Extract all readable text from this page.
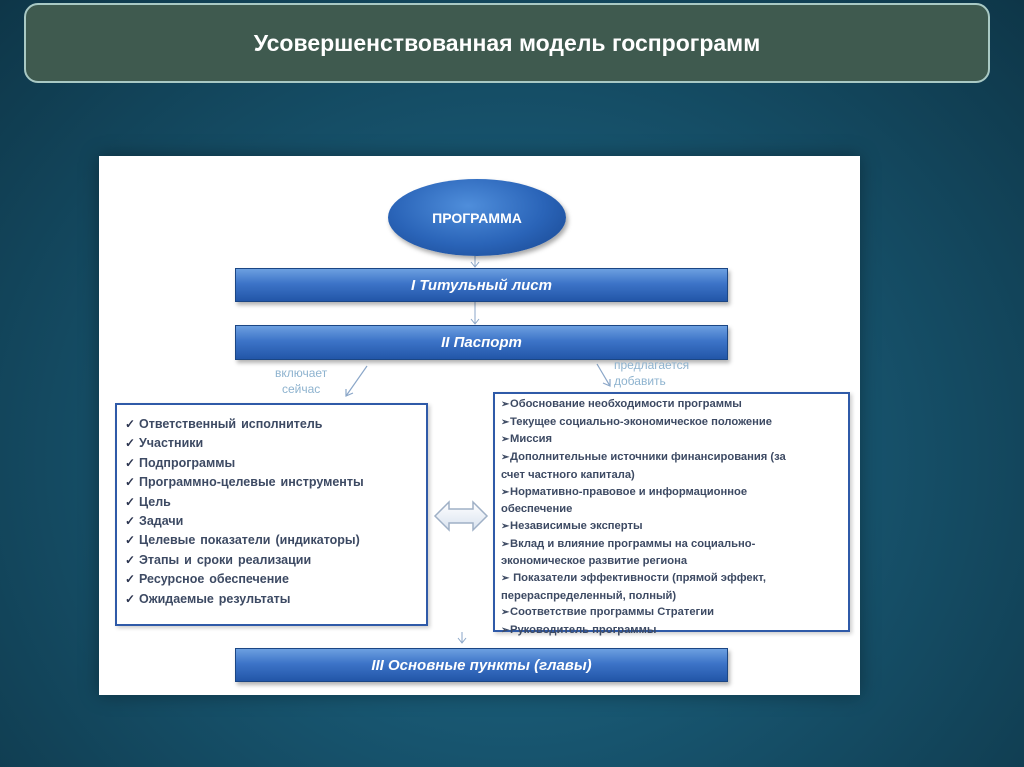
Усовершенствованная модель госпрограмм
ПРОГРАММА
I Титульный лист
II Паспорт
включает
сейчас
предлагается
добавить
✓ Ответственный исполнитель
✓ Участники
✓ Подпрограммы
✓ Программно-целевые инструменты
✓ Цель
✓ Задачи
✓ Целевые показатели (индикаторы)
✓ Этапы и сроки реализации
✓ Ресурсное обеспечение
✓ Ожидаемые результаты
➢Обоснование необходимости программы
➢Текущее социально-экономическое положение
➢Миссия
➢Дополнительные источники финансирования (за
счет частного капитала)
➢Нормативно-правовое и информационное
обеспечение
➢Независимые эксперты
➢Вклад и влияние программы на социально-
экономическое развитие региона
➢ Показатели эффективности (прямой эффект,
перераспределенный, полный)
➢Соответствие программы Стратегии
➢Руководитель программы
III Основные пункты (главы)
